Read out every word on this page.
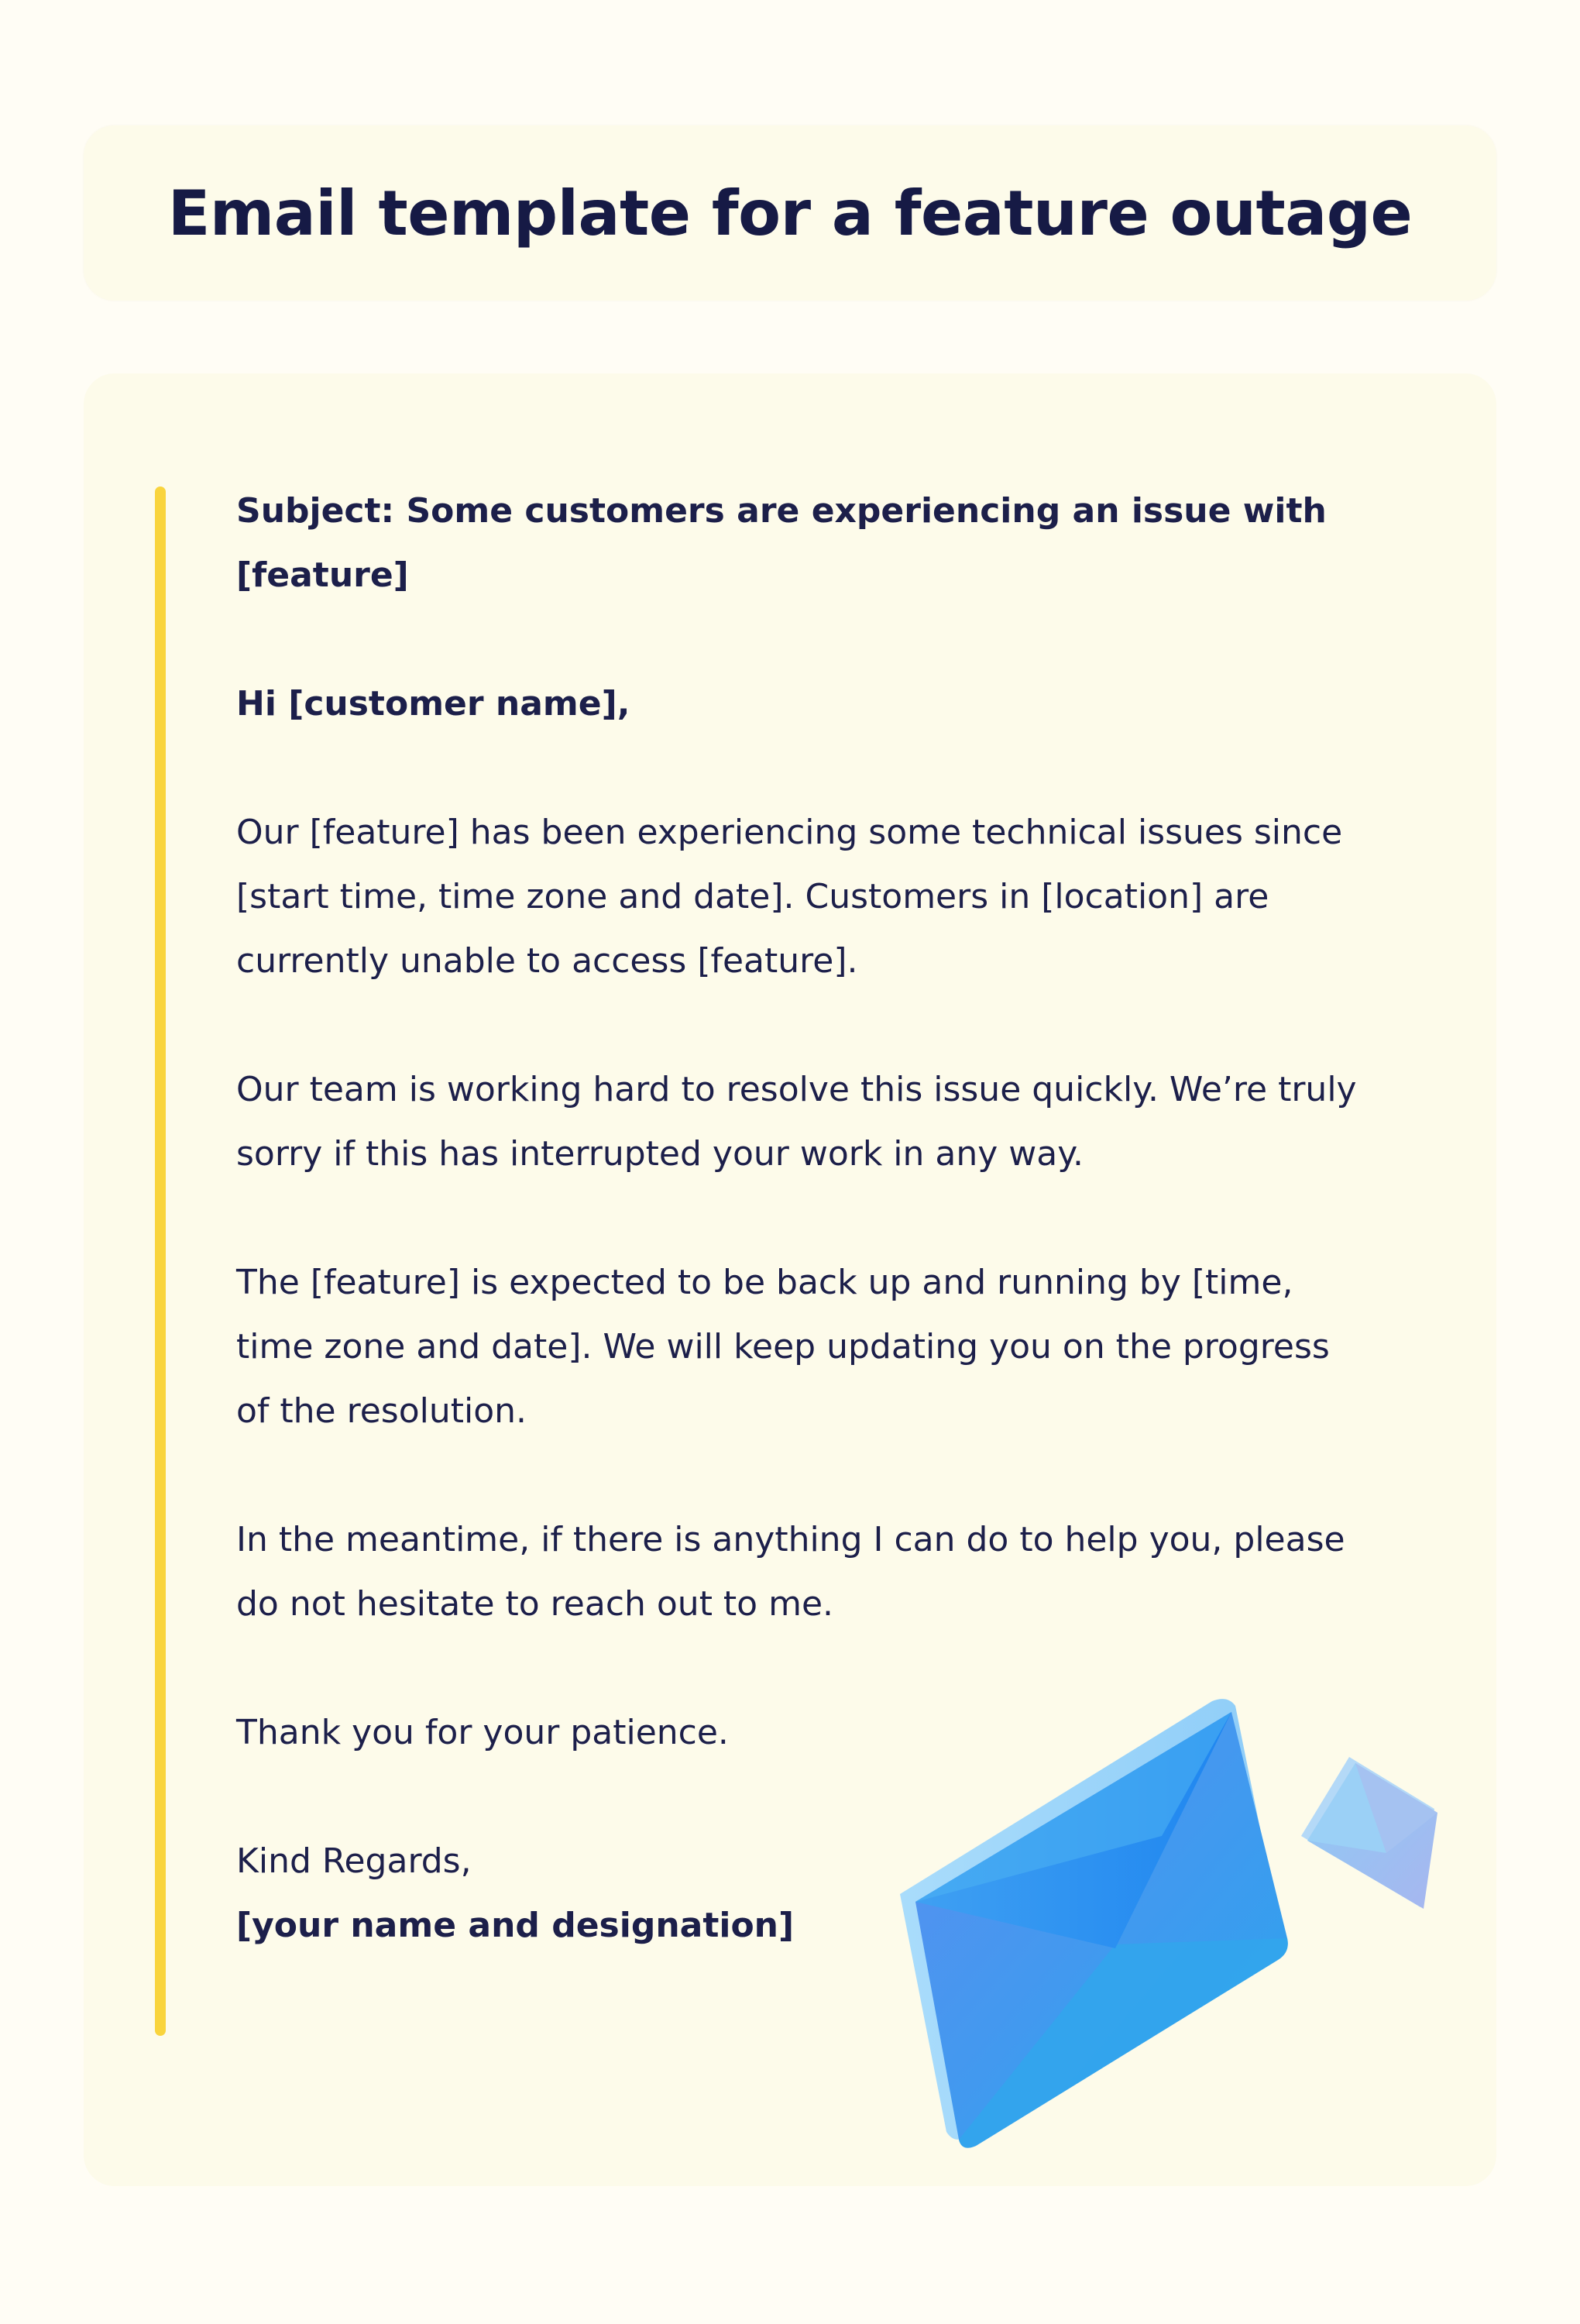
Email template for a feature outage

Subject: Some customers are experiencing an issue with [feature]

Hi [customer name],

Our [feature] has been experiencing some technical issues since [start time, time zone and date]. Customers in [location] are currently unable to access [feature].

Our team is working hard to resolve this issue quickly. We’re truly sorry if this has interrupted your work in any way.

The [feature] is expected to be back up and running by [time, time zone and date]. We will keep updating you on the progress of the resolution.

In the meantime, if there is anything I can do to help you, please do not hesitate to reach out to me.

Thank you for your patience.

Kind Regards,

[your name and designation]
